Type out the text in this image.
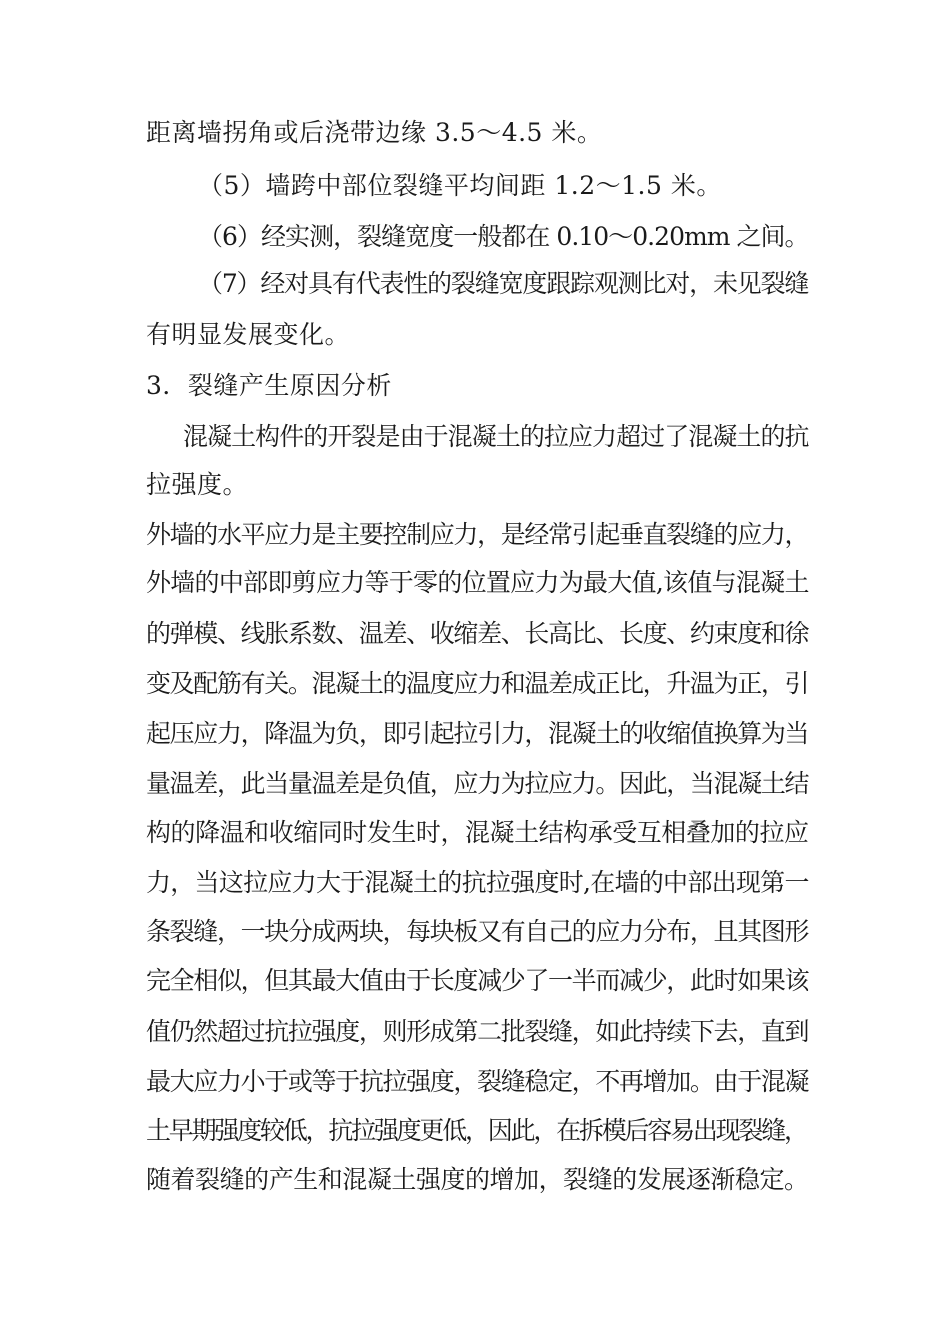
距离墙拐角或后浇带边缘 3.5～4.5 米。
（5）墙跨中部位裂缝平均间距 1.2～1.5 米。
（6）经实测，裂缝宽度一般都在 0.10～0.20mm 之间。
（7）经对具有代表性的裂缝宽度跟踪观测比对，未见裂缝
有明显发展变化。
3．裂缝产生原因分析
混凝土构件的开裂是由于混凝土的拉应力超过了混凝土的抗
拉强度。
外墙的水平应力是主要控制应力，是经常引起垂直裂缝的应力，
外墙的中部即剪应力等于零的位置应力为最大值,该值与混凝土
的弹模、线胀系数、温差、收缩差、长高比、长度、约束度和徐
变及配筋有关。混凝土的温度应力和温差成正比，升温为正，引
起压应力，降温为负，即引起拉引力，混凝土的收缩值换算为当
量温差，此当量温差是负值，应力为拉应力。因此，当混凝土结
构的降温和收缩同时发生时，混凝土结构承受互相叠加的拉应
力，当这拉应力大于混凝土的抗拉强度时,在墙的中部出现第一
条裂缝，一块分成两块，每块板又有自己的应力分布，且其图形
完全相似，但其最大值由于长度减少了一半而减少，此时如果该
值仍然超过抗拉强度，则形成第二批裂缝，如此持续下去，直到
最大应力小于或等于抗拉强度，裂缝稳定，不再增加。由于混凝
土早期强度较低，抗拉强度更低，因此，在拆模后容易出现裂缝，
随着裂缝的产生和混凝土强度的增加，裂缝的发展逐渐稳定。
